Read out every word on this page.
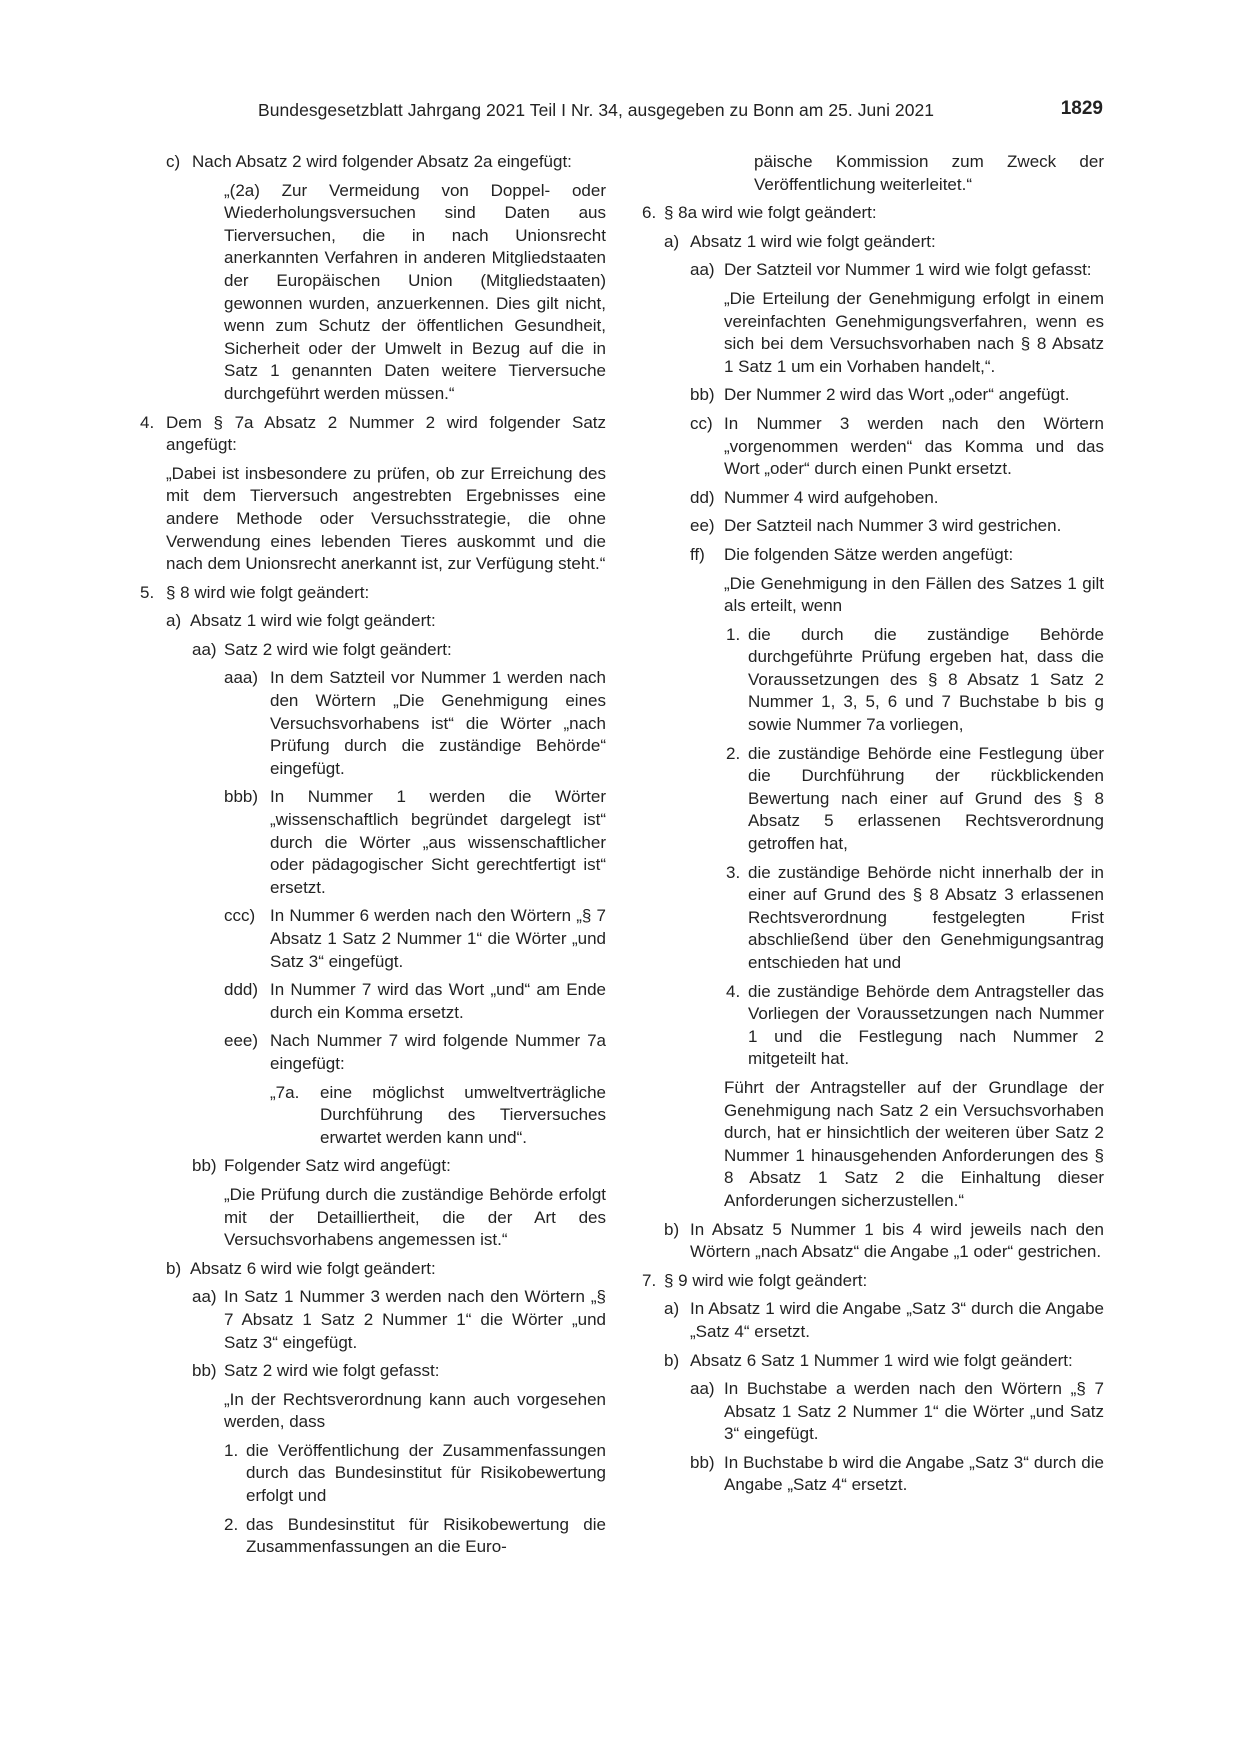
Bundesgesetzblatt Jahrgang 2021 Teil I Nr. 34, ausgegeben zu Bonn am 25. Juni 2021	1829
c) Nach Absatz 2 wird folgender Absatz 2a eingefügt:
„(2a) Zur Vermeidung von Doppel- oder Wiederholungsversuchen sind Daten aus Tierversuchen, die in nach Unionsrecht anerkannten Verfahren in anderen Mitgliedstaaten der Europäischen Union (Mitgliedstaaten) gewonnen wurden, anzuerkennen. Dies gilt nicht, wenn zum Schutz der öffentlichen Gesundheit, Sicherheit oder der Umwelt in Bezug auf die in Satz 1 genannten Daten weitere Tierversuche durchgeführt werden müssen.“
4. Dem § 7a Absatz 2 Nummer 2 wird folgender Satz angefügt:
„Dabei ist insbesondere zu prüfen, ob zur Erreichung des mit dem Tierversuch angestrebten Ergebnisses eine andere Methode oder Versuchsstrategie, die ohne Verwendung eines lebenden Tieres auskommt und die nach dem Unionsrecht anerkannt ist, zur Verfügung steht.“
5. § 8 wird wie folgt geändert:
a) Absatz 1 wird wie folgt geändert:
aa) Satz 2 wird wie folgt geändert:
aaa) In dem Satzteil vor Nummer 1 werden nach den Wörtern „Die Genehmigung eines Versuchsvorhabens ist“ die Wörter „nach Prüfung durch die zuständige Behörde“ eingefügt.
bbb) In Nummer 1 werden die Wörter „wissenschaftlich begründet dargelegt ist“ durch die Wörter „aus wissenschaftlicher oder pädagogischer Sicht gerechtfertigt ist“ ersetzt.
ccc) In Nummer 6 werden nach den Wörtern „§ 7 Absatz 1 Satz 2 Nummer 1“ die Wörter „und Satz 3“ eingefügt.
ddd) In Nummer 7 wird das Wort „und“ am Ende durch ein Komma ersetzt.
eee) Nach Nummer 7 wird folgende Nummer 7a eingefügt:
„7a. eine möglichst umweltverträgliche Durchführung des Tierversuches erwartet werden kann und“.
bb) Folgender Satz wird angefügt:
„Die Prüfung durch die zuständige Behörde erfolgt mit der Detailliertheit, die der Art des Versuchsvorhabens angemessen ist.“
b) Absatz 6 wird wie folgt geändert:
aa) In Satz 1 Nummer 3 werden nach den Wörtern „§ 7 Absatz 1 Satz 2 Nummer 1“ die Wörter „und Satz 3“ eingefügt.
bb) Satz 2 wird wie folgt gefasst:
„In der Rechtsverordnung kann auch vorgesehen werden, dass
1. die Veröffentlichung der Zusammenfassungen durch das Bundesinstitut für Risikobewertung erfolgt und
2. das Bundesinstitut für Risikobewertung die Zusammenfassungen an die Euro-
päische Kommission zum Zweck der Veröffentlichung weiterleitet.“
6. § 8a wird wie folgt geändert:
a) Absatz 1 wird wie folgt geändert:
aa) Der Satzteil vor Nummer 1 wird wie folgt gefasst:
„Die Erteilung der Genehmigung erfolgt in einem vereinfachten Genehmigungsverfahren, wenn es sich bei dem Versuchsvorhaben nach § 8 Absatz 1 Satz 1 um ein Vorhaben handelt,“.
bb) Der Nummer 2 wird das Wort „oder“ angefügt.
cc) In Nummer 3 werden nach den Wörtern „vorgenommen werden“ das Komma und das Wort „oder“ durch einen Punkt ersetzt.
dd) Nummer 4 wird aufgehoben.
ee) Der Satzteil nach Nummer 3 wird gestrichen.
ff) Die folgenden Sätze werden angefügt:
„Die Genehmigung in den Fällen des Satzes 1 gilt als erteilt, wenn
1. die durch die zuständige Behörde durchgeführte Prüfung ergeben hat, dass die Voraussetzungen des § 8 Absatz 1 Satz 2 Nummer 1, 3, 5, 6 und 7 Buchstabe b bis g sowie Nummer 7a vorliegen,
2. die zuständige Behörde eine Festlegung über die Durchführung der rückblickenden Bewertung nach einer auf Grund des § 8 Absatz 5 erlassenen Rechtsverordnung getroffen hat,
3. die zuständige Behörde nicht innerhalb der in einer auf Grund des § 8 Absatz 3 erlassenen Rechtsverordnung festgelegten Frist abschließend über den Genehmigungsantrag entschieden hat und
4. die zuständige Behörde dem Antragsteller das Vorliegen der Voraussetzungen nach Nummer 1 und die Festlegung nach Nummer 2 mitgeteilt hat.
Führt der Antragsteller auf der Grundlage der Genehmigung nach Satz 2 ein Versuchsvorhaben durch, hat er hinsichtlich der weiteren über Satz 2 Nummer 1 hinausgehenden Anforderungen des § 8 Absatz 1 Satz 2 die Einhaltung dieser Anforderungen sicherzustellen.“
b) In Absatz 5 Nummer 1 bis 4 wird jeweils nach den Wörtern „nach Absatz“ die Angabe „1 oder“ gestrichen.
7. § 9 wird wie folgt geändert:
a) In Absatz 1 wird die Angabe „Satz 3“ durch die Angabe „Satz 4“ ersetzt.
b) Absatz 6 Satz 1 Nummer 1 wird wie folgt geändert:
aa) In Buchstabe a werden nach den Wörtern „§ 7 Absatz 1 Satz 2 Nummer 1“ die Wörter „und Satz 3“ eingefügt.
bb) In Buchstabe b wird die Angabe „Satz 3“ durch die Angabe „Satz 4“ ersetzt.
